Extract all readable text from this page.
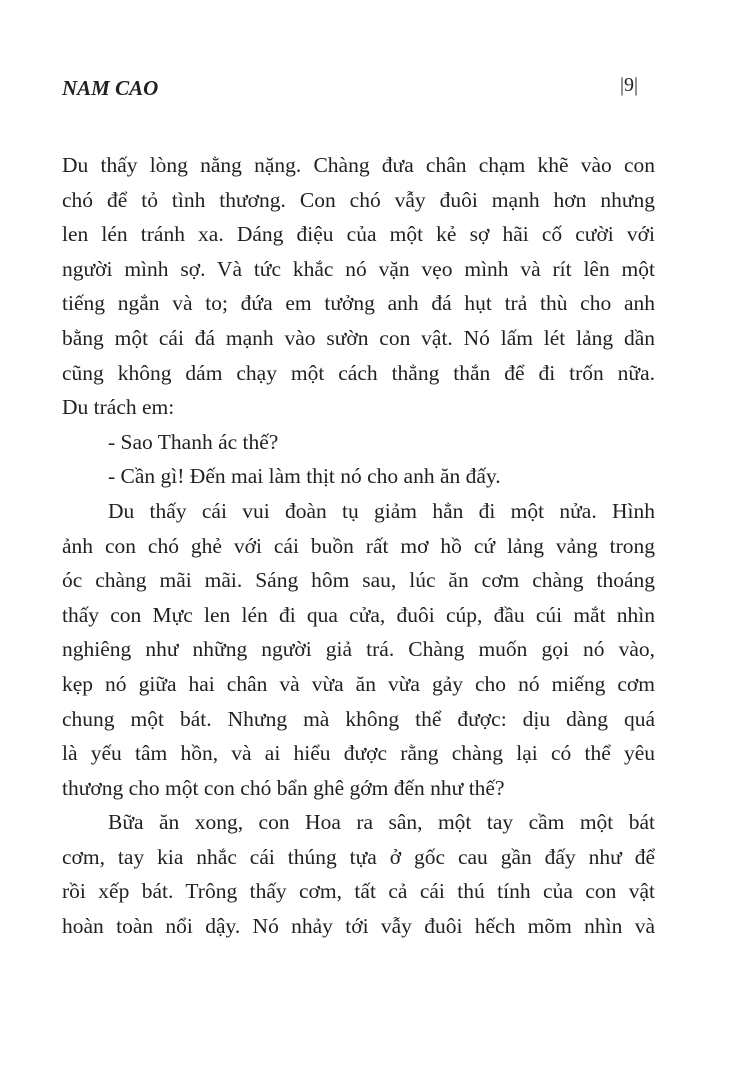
NAM CAO	|9|
Du thấy lòng nằng nặng. Chàng đưa chân chạm khẽ vào con
chó để tỏ tình thương. Con chó vẫy đuôi mạnh hơn nhưng
len lén tránh xa. Dáng điệu của một kẻ sợ hãi cố cười với
người mình sợ. Và tức khắc nó vặn vẹo mình và rít lên một
tiếng ngắn và to; đứa em tưởng anh đá hụt trả thù cho anh
bằng một cái đá mạnh vào sườn con vật. Nó lấm lét lảng dần
cũng không dám chạy một cách thẳng thắn để đi trốn nữa.
Du trách em:
- Sao Thanh ác thế?
- Cần gì! Đến mai làm thịt nó cho anh ăn đấy.
Du thấy cái vui đoàn tụ giảm hẳn đi một nửa. Hình
ảnh con chó ghẻ với cái buồn rất mơ hồ cứ lảng vảng trong
óc chàng mãi mãi. Sáng hôm sau, lúc ăn cơm chàng thoáng
thấy con Mực len lén đi qua cửa, đuôi cúp, đầu cúi mắt nhìn
nghiêng như những người giả trá. Chàng muốn gọi nó vào,
kẹp nó giữa hai chân và vừa ăn vừa gảy cho nó miếng cơm
chung một bát. Nhưng mà không thể được: dịu dàng quá
là yếu tâm hồn, và ai hiểu được rằng chàng lại có thể yêu
thương cho một con chó bẩn ghê gớm đến như thế?
Bữa ăn xong, con Hoa ra sân, một tay cầm một bát
cơm, tay kia nhắc cái thúng tựa ở gốc cau gần đấy như để
rồi xếp bát. Trông thấy cơm, tất cả cái thú tính của con vật
hoàn toàn nổi dậy. Nó nhảy tới vẫy đuôi hếch mõm nhìn và
